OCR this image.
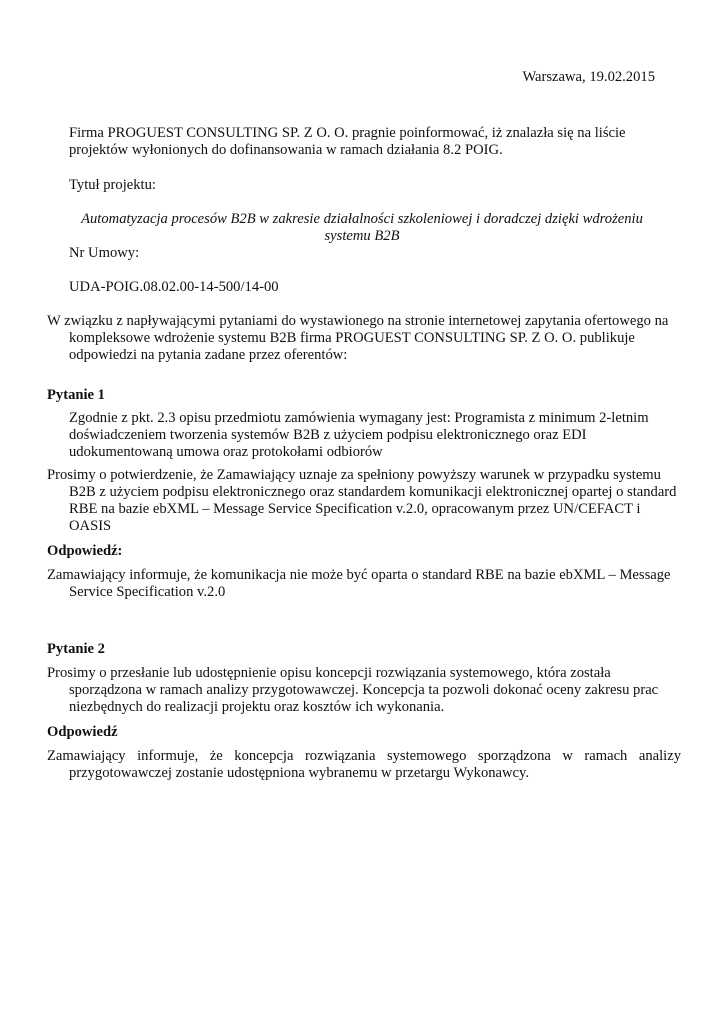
Warszawa, 19.02.2015

Firma PROGUEST CONSULTING SP. Z O. O. pragnie poinformować, iż znalazła się na liście projektów wyłonionych do dofinansowania w ramach działania 8.2 POIG.

Tytuł projektu:

Automatyzacja procesów B2B w zakresie działalności szkoleniowej i doradczej dzięki wdrożeniu systemu B2B

Nr Umowy:

UDA-POIG.08.02.00-14-500/14-00

W związku z napływającymi pytaniami do wystawionego na stronie internetowej zapytania ofertowego na kompleksowe wdrożenie systemu B2B firma PROGUEST CONSULTING SP. Z O. O. publikuje odpowiedzi na pytania zadane przez oferentów:

Pytanie 1

Zgodnie z pkt. 2.3 opisu przedmiotu zamówienia wymagany jest: Programista z minimum 2-letnim doświadczeniem tworzenia systemów B2B z użyciem podpisu elektronicznego oraz EDI udokumentowaną umowa oraz protokołami odbiorów

Prosimy o potwierdzenie, że Zamawiający uznaje za spełniony powyższy warunek w przypadku systemu B2B z użyciem podpisu elektronicznego oraz standardem komunikacji elektronicznej opartej o standard RBE na bazie ebXML – Message Service Specification v.2.0, opracowanym przez UN/CEFACT i OASIS

Odpowiedź:

Zamawiający informuje, że komunikacja nie może być oparta o standard RBE na bazie ebXML – Message Service Specification v.2.0

Pytanie 2

Prosimy o przesłanie lub udostępnienie opisu koncepcji rozwiązania systemowego, która została sporządzona w ramach analizy przygotowawczej. Koncepcja ta pozwoli dokonać oceny zakresu prac niezbędnych do realizacji projektu oraz kosztów ich wykonania.

Odpowiedź

Zamawiający informuje, że koncepcja rozwiązania systemowego sporządzona w ramach analizy przygotowawczej zostanie udostępniona wybranemu w przetargu Wykonawcy.
